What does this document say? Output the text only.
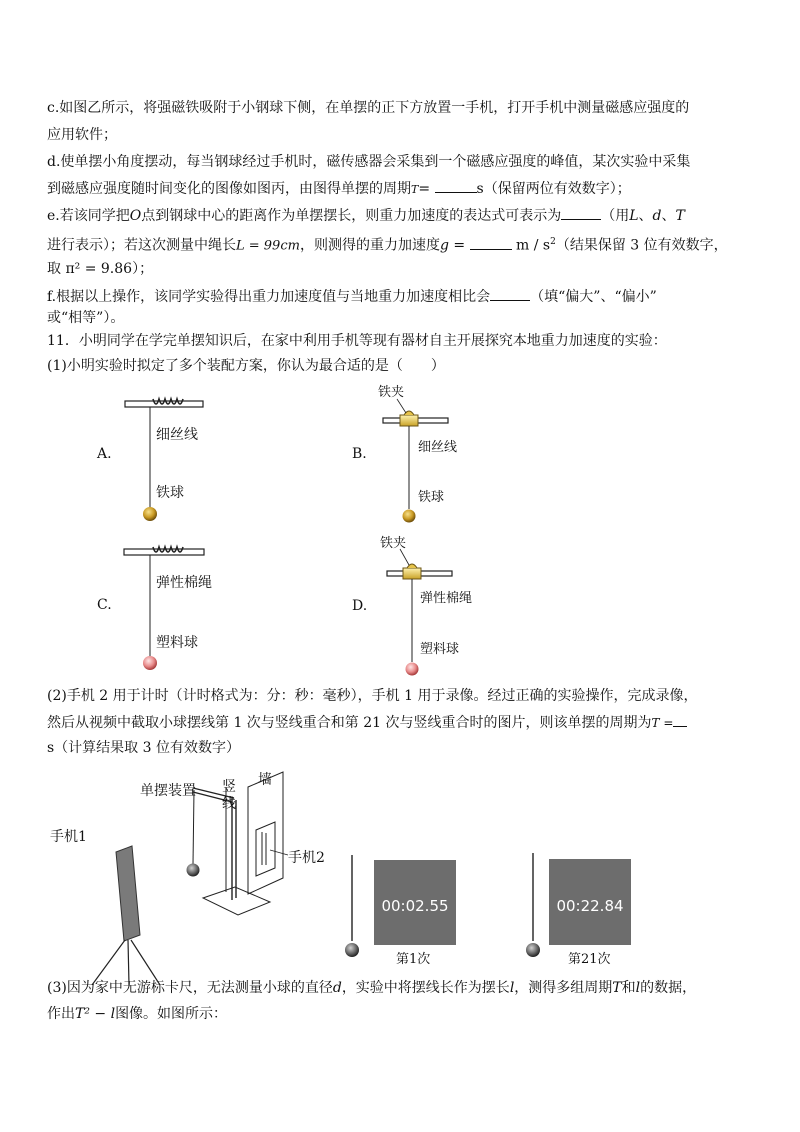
c.如图乙所示，将强磁铁吸附于小钢球下侧，在单摆的正下方放置一手机，打开手机中测量磁感应强度的
应用软件；
d.使单摆小角度摆动，每当钢球经过手机时，磁传感器会采集到一个磁感应强度的峰值，某次实验中采集
到磁感应强度随时间变化的图像如图丙，由图得单摆的周期T=	s（保留两位有效数字）；
e.若该同学把O点到钢球中心的距离作为单摆摆长，则重力加速度的表达式可表示为	（用L、d、T
进行表示）；若这次测量中绳长L = 99cm，则测得的重力加速度g =	m / $s^2$（结果保留 3 位有效数字，
取 π² = 9.86）；
f.根据以上操作，该同学实验得出重力加速度值与当地重力加速度相比会	（填“偏大”、“偏小”
或“相等”）。
11．小明同学在学完单摆知识后，在家中利用手机等现有器材自主开展探究本地重力加速度的实验：
(1)小明实验时拟定了多个装配方案，你认为最合适的是（　　）
A.
细丝线
铁球
B.
铁夹
细丝线
铁球
C.
弹性棉绳
塑料球
D.
铁夹
弹性棉绳
塑料球
(2)手机 2 用于计时（计时格式为：分：秒：毫秒），手机 1 用于录像。经过正确的实验操作，完成录像，
然后从视频中截取小球摆线第 1 次与竖线重合和第 21 次与竖线重合时的图片，则该单摆的周期为T =
s（计算结果取 3 位有效数字）
手机1
单摆装置 竖线
墙
手机2
00:02.55
第1次
00:22.84
第21次
(3)因为家中无游标卡尺，无法测量小球的直径d，实验中将摆线长作为摆长l，测得多组周期T和l的数据，
作出T² − l图像。如图所示：
